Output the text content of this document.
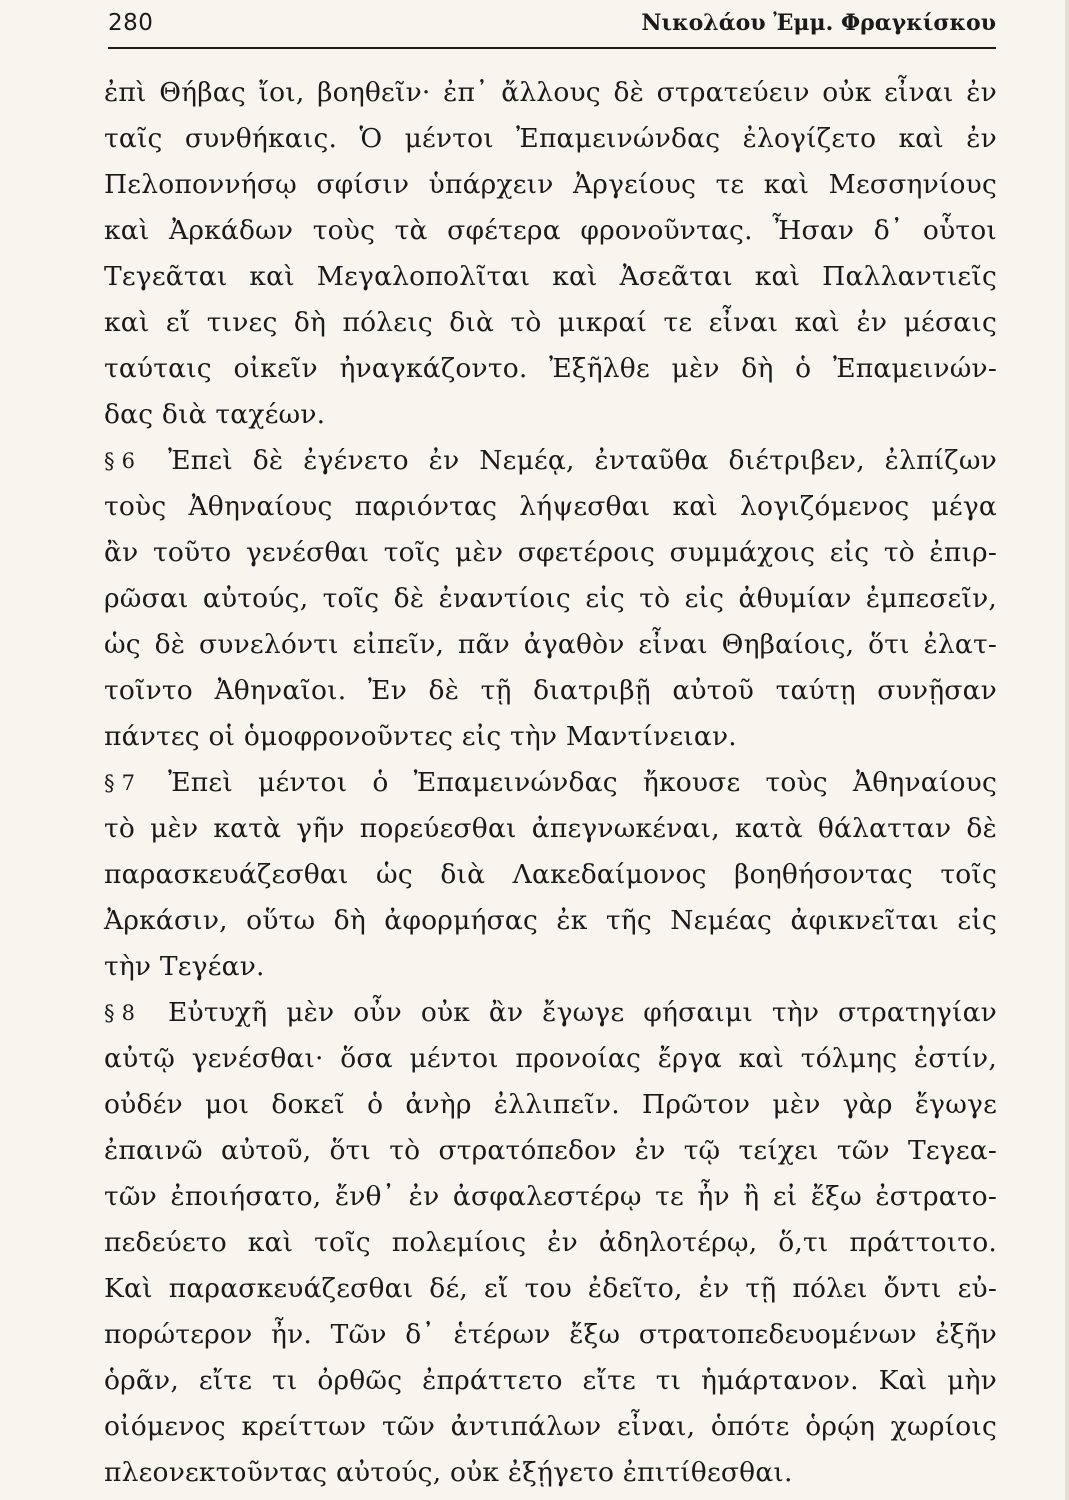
280	Νικολάου Ἐμμ. Φραγκίσκου
ἐπὶ Θήβας ἴοι, βοηθεῖν· ἐπ᾽ ἄλλους δὲ στρατεύειν οὐκ εἶναι ἐν
ταῖς συνθήκαις. Ὁ μέντοι Ἐπαμεινώνδας ἐλογίζετο καὶ ἐν
Πελοποννήσῳ σφίσιν ὑπάρχειν Ἀργείους τε καὶ Μεσσηνίους
καὶ Ἀρκάδων τοὺς τὰ σφέτερα φρονοῦντας. Ἦσαν δ᾽ οὗτοι
Τεγεᾶται καὶ Μεγαλοπολῖται καὶ Ἀσεᾶται καὶ Παλλαντιεῖς
καὶ εἴ τινες δὴ πόλεις διὰ τὸ μικραί τε εἶναι καὶ ἐν μέσαις
ταύταις οἰκεῖν ἠναγκάζοντο. Ἐξῆλθε μὲν δὴ ὁ Ἐπαμεινών-
δας διὰ ταχέων.
§ 6 Ἐπεὶ δὲ ἐγένετο ἐν Νεμέᾳ, ἐνταῦθα διέτριβεν, ἐλπίζων
τοὺς Ἀθηναίους παριόντας λήψεσθαι καὶ λογιζόμενος μέγα
ἂν τοῦτο γενέσθαι τοῖς μὲν σφετέροις συμμάχοις εἰς τὸ ἐπιρ-
ρῶσαι αὐτούς, τοῖς δὲ ἐναντίοις εἰς τὸ εἰς ἀθυμίαν ἐμπεσεῖν,
ὡς δὲ συνελόντι εἰπεῖν, πᾶν ἀγαθὸν εἶναι Θηβαίοις, ὅτι ἐλατ-
τοῖντο Ἀθηναῖοι. Ἐν δὲ τῇ διατριβῇ αὐτοῦ ταύτῃ συνῇσαν
πάντες οἱ ὁμοφρονοῦντες εἰς τὴν Μαντίνειαν.
§ 7 Ἐπεὶ μέντοι ὁ Ἐπαμεινώνδας ἤκουσε τοὺς Ἀθηναίους
τὸ μὲν κατὰ γῆν πορεύεσθαι ἀπεγνωκέναι, κατὰ θάλατταν δὲ
παρασκευάζεσθαι ὡς διὰ Λακεδαίμονος βοηθήσοντας τοῖς
Ἀρκάσιν, οὕτω δὴ ἀφορμήσας ἐκ τῆς Νεμέας ἀφικνεῖται εἰς
τὴν Τεγέαν.
§ 8 Εὐτυχῆ μὲν οὖν οὐκ ἂν ἔγωγε φήσαιμι τὴν στρατηγίαν
αὐτῷ γενέσθαι· ὅσα μέντοι προνοίας ἔργα καὶ τόλμης ἐστίν,
οὐδέν μοι δοκεῖ ὁ ἀνὴρ ἐλλιπεῖν. Πρῶτον μὲν γὰρ ἔγωγε
ἐπαινῶ αὐτοῦ, ὅτι τὸ στρατόπεδον ἐν τῷ τείχει τῶν Τεγεα-
τῶν ἐποιήσατο, ἔνθ᾽ ἐν ἀσφαλεστέρῳ τε ἦν ἢ εἰ ἔξω ἐστρατο-
πεδεύετο καὶ τοῖς πολεμίοις ἐν ἀδηλοτέρῳ, ὅ,τι πράττοιτο.
Καὶ παρασκευάζεσθαι δέ, εἴ του ἐδεῖτο, ἐν τῇ πόλει ὄντι εὐ-
πορώτερον ἦν. Τῶν δ᾽ ἑτέρων ἔξω στρατοπεδευομένων ἐξῆν
ὁρᾶν, εἴτε τι ὀρθῶς ἐπράττετο εἴτε τι ἡμάρτανον. Καὶ μὴν
οἰόμενος κρείττων τῶν ἀντιπάλων εἶναι, ὁπότε ὁρῴη χωρίοις
πλεονεκτοῦντας αὐτούς, οὐκ ἐξῄγετο ἐπιτίθεσθαι.
